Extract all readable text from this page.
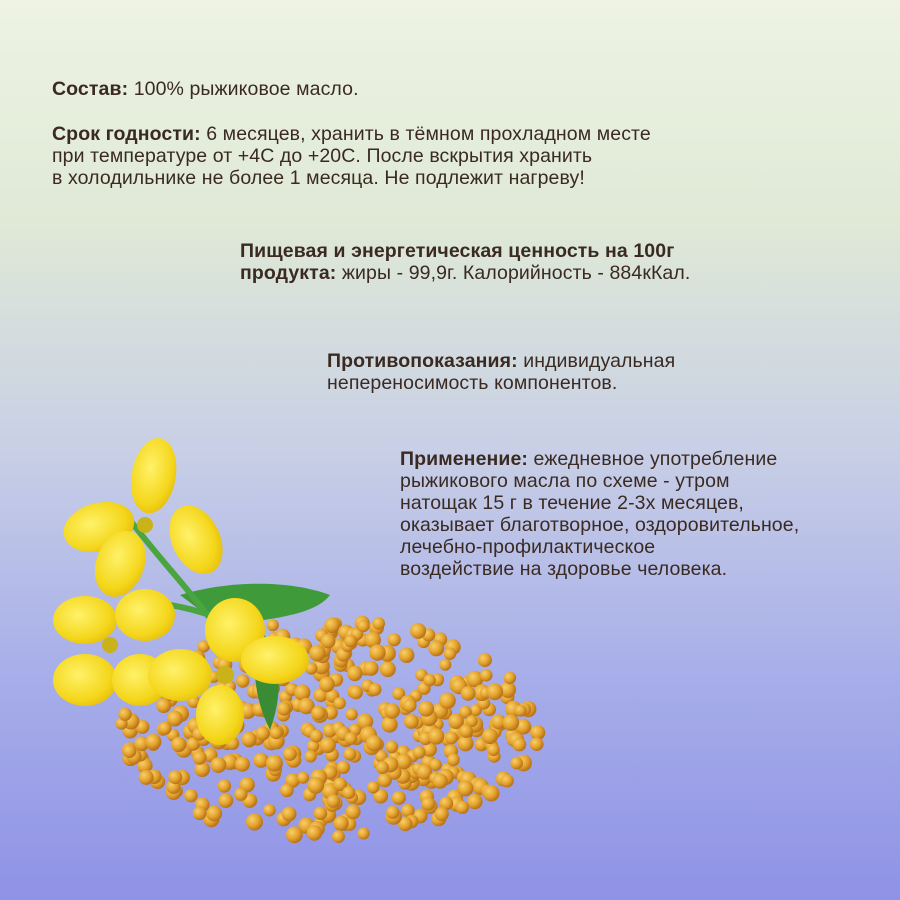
Состав: 100% рыжиковое масло.
Срок годности: 6 месяцев, хранить в тёмном прохладном месте
при температуре от +4С до +20С. После вскрытия хранить
в холодильнике не более 1 месяца. Не подлежит нагреву!
Пищевая и энергетическая ценность на 100г
продукта: жиры - 99,9г. Калорийность - 884кКал.
Противопоказания: индивидуальная
непереносимость компонентов.
Применение: ежедневное употребление
рыжикового масла по схеме - утром
натощак 15 г в течение 2-3х месяцев,
оказывает благотворное, оздоровительное,
лечебно-профилактическое
воздействие на здоровье человека.
